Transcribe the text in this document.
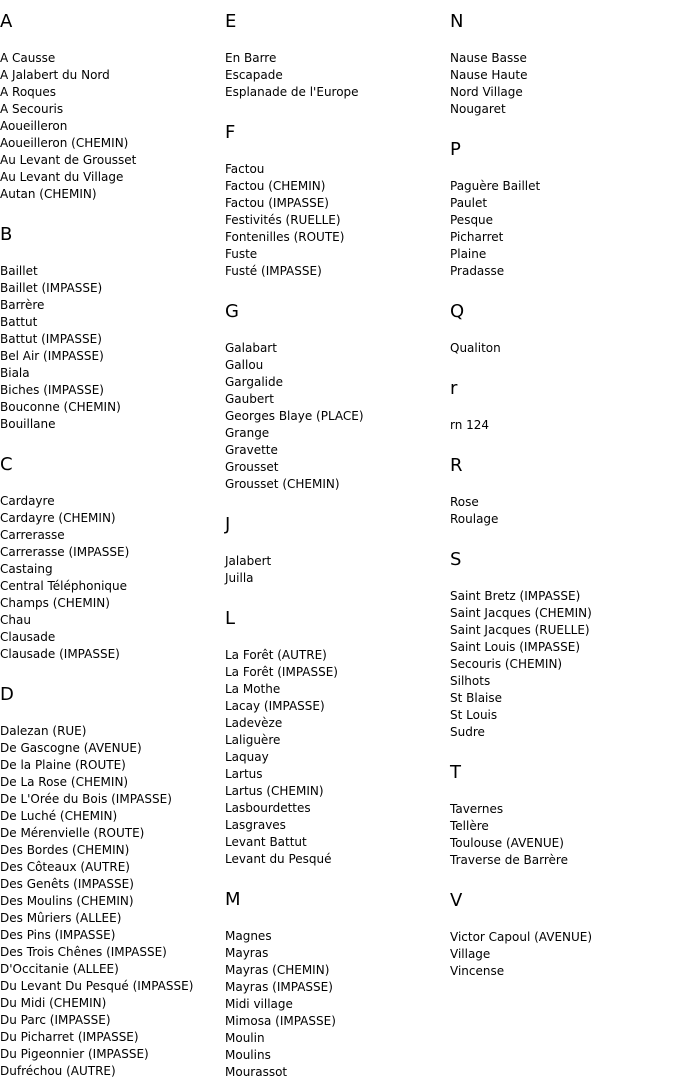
A
A Causse
A Jalabert du Nord
A Roques
A Secouris
Aoueilleron
Aoueilleron (CHEMIN)
Au Levant de Grousset
Au Levant du Village
Autan (CHEMIN)
B
Baillet
Baillet (IMPASSE)
Barrère
Battut
Battut (IMPASSE)
Bel Air (IMPASSE)
Biala
Biches (IMPASSE)
Bouconne (CHEMIN)
Bouillane
C
Cardayre
Cardayre (CHEMIN)
Carrerasse
Carrerasse (IMPASSE)
Castaing
Central Téléphonique
Champs (CHEMIN)
Chau
Clausade
Clausade (IMPASSE)
D
Dalezan (RUE)
De Gascogne (AVENUE)
De la Plaine (ROUTE)
De La Rose (CHEMIN)
De L'Orée du Bois (IMPASSE)
De Luché (CHEMIN)
De Mérenvielle (ROUTE)
Des Bordes (CHEMIN)
Des Côteaux (AUTRE)
Des Genêts (IMPASSE)
Des Moulins (CHEMIN)
Des Mûriers (ALLEE)
Des Pins (IMPASSE)
Des Trois Chênes (IMPASSE)
D'Occitanie (ALLEE)
Du Levant Du Pesqué (IMPASSE)
Du Midi (CHEMIN)
Du Parc (IMPASSE)
Du Picharret (IMPASSE)
Du Pigeonnier (IMPASSE)
Dufréchou (AUTRE)
E
En Barre
Escapade
Esplanade de l'Europe
F
Factou
Factou (CHEMIN)
Factou (IMPASSE)
Festivités (RUELLE)
Fontenilles (ROUTE)
Fuste
Fusté (IMPASSE)
G
Galabart
Gallou
Gargalide
Gaubert
Georges Blaye (PLACE)
Grange
Gravette
Grousset
Grousset (CHEMIN)
J
Jalabert
Juilla
L
La Forêt (AUTRE)
La Forêt (IMPASSE)
La Mothe
Lacay (IMPASSE)
Ladevèze
Laliguère
Laquay
Lartus
Lartus (CHEMIN)
Lasbourdettes
Lasgraves
Levant Battut
Levant du Pesqué
M
Magnes
Mayras
Mayras (CHEMIN)
Mayras (IMPASSE)
Midi village
Mimosa (IMPASSE)
Moulin
Moulins
Mourassot
N
Nause Basse
Nause Haute
Nord Village
Nougaret
P
Paguère Baillet
Paulet
Pesque
Picharret
Plaine
Pradasse
Q
Qualiton
r
rn 124
R
Rose
Roulage
S
Saint Bretz (IMPASSE)
Saint Jacques (CHEMIN)
Saint Jacques (RUELLE)
Saint Louis (IMPASSE)
Secouris (CHEMIN)
Silhots
St Blaise
St Louis
Sudre
T
Tavernes
Tellère
Toulouse (AVENUE)
Traverse de Barrère
V
Victor Capoul (AVENUE)
Village
Vincense
